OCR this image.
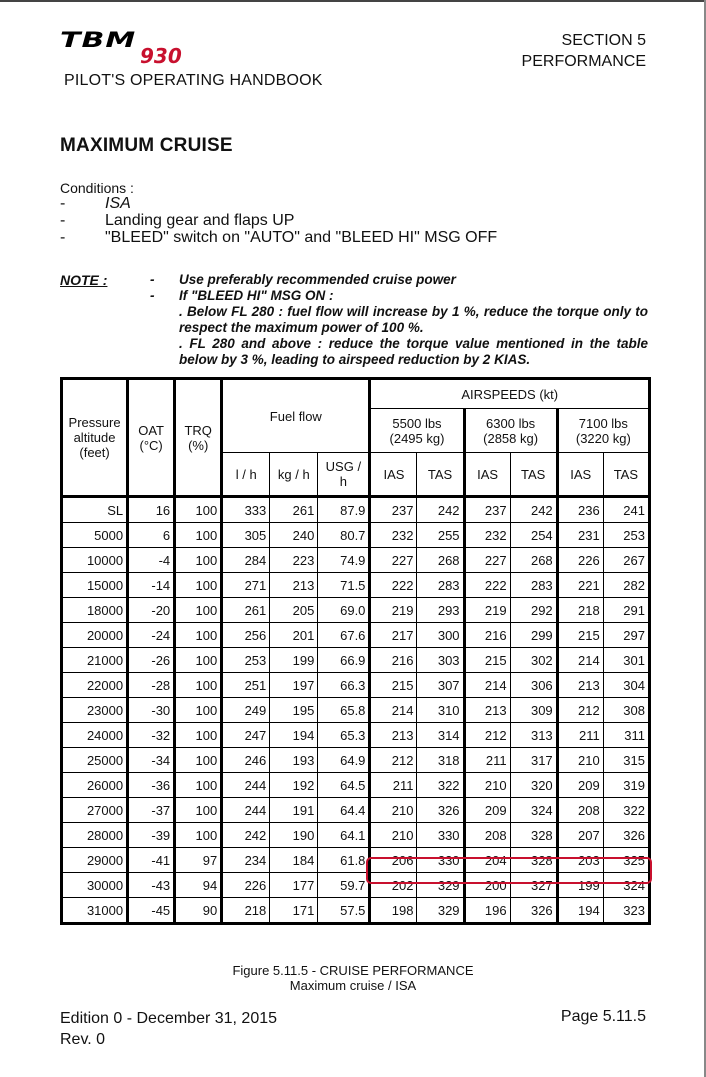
TBM
930
PILOT'S OPERATING HANDBOOK
SECTION 5
PERFORMANCE
MAXIMUM CRUISE
Conditions :
- ISA
- Landing gear and flaps UP
- "BLEED" switch on "AUTO" and "BLEED HI" MSG OFF
NOTE :	- Use preferably recommended cruise power
- If "BLEED HI" MSG ON :
. Below FL 280 : fuel flow will increase by 1 %, reduce the torque only to respect the maximum power of 100 %.
. FL 280 and above : reduce the torque value mentioned in the table below by 3 %, leading to airspeed reduction by 2 KIAS.
Pressure altitude (feet)	OAT (°C)	TRQ (%)	Fuel flow			AIRSPEEDS (kt)					
						5500 lbs (2495 kg)		6300 lbs (2858 kg)		7100 lbs (3220 kg)	
			l / h	kg / h	USG / h	IAS	TAS	IAS	TAS	IAS	TAS
SL	16	100	333	261	87.9	237	242	237	242	236	241
5000	6	100	305	240	80.7	232	255	232	254	231	253
10000	-4	100	284	223	74.9	227	268	227	268	226	267
15000	-14	100	271	213	71.5	222	283	222	283	221	282
18000	-20	100	261	205	69.0	219	293	219	292	218	291
20000	-24	100	256	201	67.6	217	300	216	299	215	297
21000	-26	100	253	199	66.9	216	303	215	302	214	301
22000	-28	100	251	197	66.3	215	307	214	306	213	304
23000	-30	100	249	195	65.8	214	310	213	309	212	308
24000	-32	100	247	194	65.3	213	314	212	313	211	311
25000	-34	100	246	193	64.9	212	318	211	317	210	315
26000	-36	100	244	192	64.5	211	322	210	320	209	319
27000	-37	100	244	191	64.4	210	326	209	324	208	322
28000	-39	100	242	190	64.1	210	330	208	328	207	326
29000	-41	97	234	184	61.8	206	330	204	328	203	325
30000	-43	94	226	177	59.7	202	329	200	327	199	324
31000	-45	90	218	171	57.5	198	329	196	326	194	323
Figure 5.11.5 - CRUISE PERFORMANCE
Maximum cruise / ISA
Edition 0 - December 31, 2015
Rev. 0
Page 5.11.5
